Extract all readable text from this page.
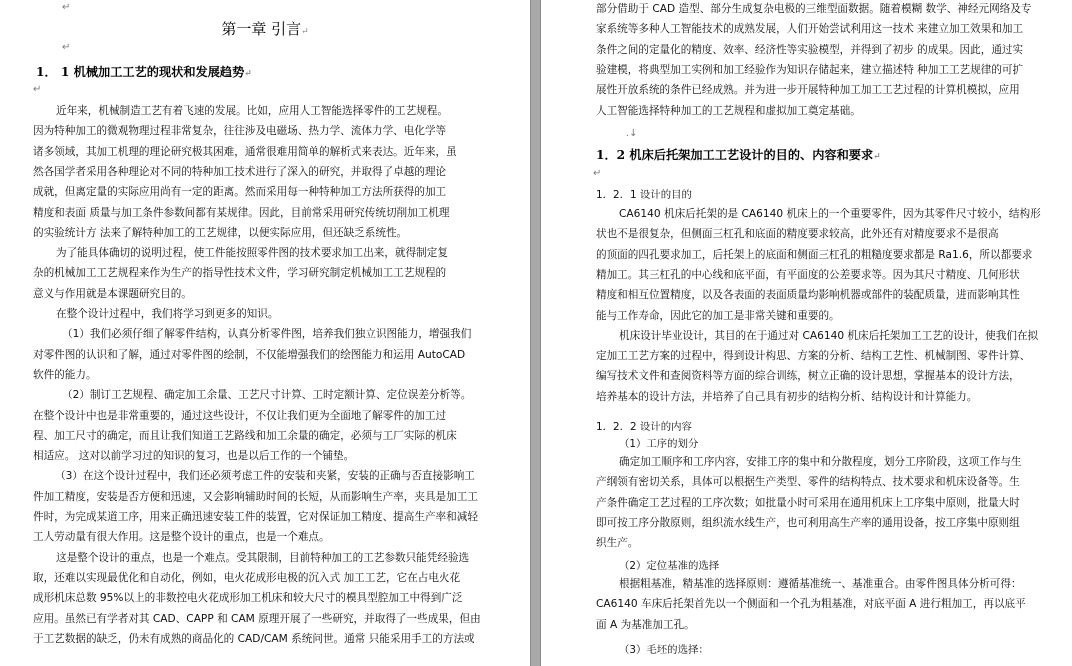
↵
第一章 引言↵
↵
1． 1 机械加工工艺的现状和发展趋势↵
↵
近年来，机械制造工艺有着飞速的发展。比如，应用人工智能选择零件的工艺规程。
因为特种加工的微观物理过程非常复杂，往往涉及电磁场、热力学、流体力学、电化学等
诸多领域，其加工机理的理论研究极其困难，通常很难用简单的解析式来表达。近年来，虽
然各国学者采用各种理论对不同的特种加工技术进行了深入的研究，并取得了卓越的理论
成就，但离定量的实际应用尚有一定的距离。然而采用每一种特种加工方法所获得的加工
精度和表面 质量与加工条件参数间都有某规律。因此，目前常采用研究传统切削加工机理
的实验统计方 法来了解特种加工的工艺规律，以便实际应用，但还缺乏系统性。
为了能具体确切的说明过程，使工件能按照零件图的技术要求加工出来，就得制定复
杂的机械加工工艺规程来作为生产的指导性技术文件，学习研究制定机械加工工艺规程的
意义与作用就是本课题研究目的。
在整个设计过程中，我们将学习到更多的知识。
（1）我们必须仔细了解零件结构，认真分析零件图，培养我们独立识图能力，增强我们
对零件图的认识和了解，通过对零件图的绘制，不仅能增强我们的绘图能力和运用 AutoCAD
软件的能力。
（2）制订工艺规程、确定加工余量、工艺尺寸计算、工时定额计算、定位误差分析等。
在整个设计中也是非常重要的，通过这些设计，不仅让我们更为全面地了解零件的加工过
程、加工尺寸的确定，而且让我们知道工艺路线和加工余量的确定，必须与工厂实际的机床
相适应。 这对以前学习过的知识的复习，也是以后工作的一个铺垫。
（3）在这个设计过程中，我们还必须考虑工件的安装和夹紧，安装的正确与否直接影响工
件加工精度，安装是否方便和迅速，又会影响辅助时间的长短，从而影响生产率，夹具是加工工
件时，为完成某道工序，用来正确迅速安装工件的装置，它对保证加工精度、提高生产率和减轻
工人劳动量有很大作用。这是整个设计的重点，也是一个难点。
这是整个设计的重点，也是一个难点。受其限制，目前特种加工的工艺参数只能凭经验选
取，还难以实现最优化和自动化，例如，电火花成形电极的沉入式 加工工艺，它在占电火花
成形机床总数 95%以上的非数控电火花成形加工机床和较大尺寸的模具型腔加工中得到广泛
应用。虽然已有学者对其 CAD、CAPP 和 CAM 原理开展了一些研究，并取得了一些成果，但由
于工艺数据的缺乏，仍未有成熟的商品化的 CAD/CAM 系统问世。通常 只能采用手工的方法或
部分借助于 CAD 造型、部分生成复杂电极的三维型面数据。随着模糊 数学、神经元网络及专
家系统等多种人工智能技术的成熟发展，人们开始尝试利用这一技术 来建立加工效果和加工
条件之间的定量化的精度、效率、经济性等实验模型，并得到了初步 的成果。因此，通过实
验建模，将典型加工实例和加工经验作为知识存储起来，建立描述特 种加工工艺规律的可扩
展性开放系统的条件已经成熟。并为进一步开展特种加工加工工艺过程的计算机模拟，应用
人工智能选择特种加工的工艺规程和虚拟加工奠定基础。
.↓
1．2 机床后托架加工工艺设计的目的、内容和要求↵
↵
1．2．1 设计的目的
CA6140 机床后托架的是 CA6140 机床上的一个重要零件，因为其零件尺寸较小，结构形
状也不是很复杂，但侧面三杠孔和底面的精度要求较高，此外还有对精度要求不是很高
的顶面的四孔要求加工，后托架上的底面和侧面三杠孔的粗糙度要求都是 Ra1.6，所以都要求
精加工。其三杠孔的中心线和底平面，有平面度的公差要求等。因为其尺寸精度、几何形状
精度和相互位置精度，以及各表面的表面质量均影响机器或部件的装配质量，进而影响其性
能与工作寿命，因此它的加工是非常关键和重要的。
机床设计毕业设计，其目的在于通过对 CA6140 机床后托架加工工艺的设计，使我们在拟
定加工工艺方案的过程中，得到设计构思、方案的分析、结构工艺性、机械制图、零件计算、
编写技术文件和查阅资料等方面的综合训练，树立正确的设计思想，掌握基本的设计方法，
培养基本的设计方法，并培养了自己具有初步的结构分析、结构设计和计算能力。
1．2．2 设计的内容
（1）工序的划分
确定加工顺序和工序内容，安排工序的集中和分散程度，划分工序阶段，这项工作与生
产纲领有密切关系，具体可以根据生产类型、零件的结构特点、技术要求和机床设备等。生
产条件确定工艺过程的工序次数；如批量小时可采用在通用机床上工序集中原则，批量大时
即可按工序分散原则，组织流水线生产，也可利用高生产率的通用设备，按工序集中原则组
织生产。
（2）定位基准的选择
根据粗基准，精基准的选择原则：遵循基准统一、基准重合。由零件图具体分析可得：
CA6140 车床后托架首先以一个侧面和一个孔为粗基准，对底平面 A 进行粗加工，再以底平
面 A 为基准加工孔。
（3）毛坯的选择：
